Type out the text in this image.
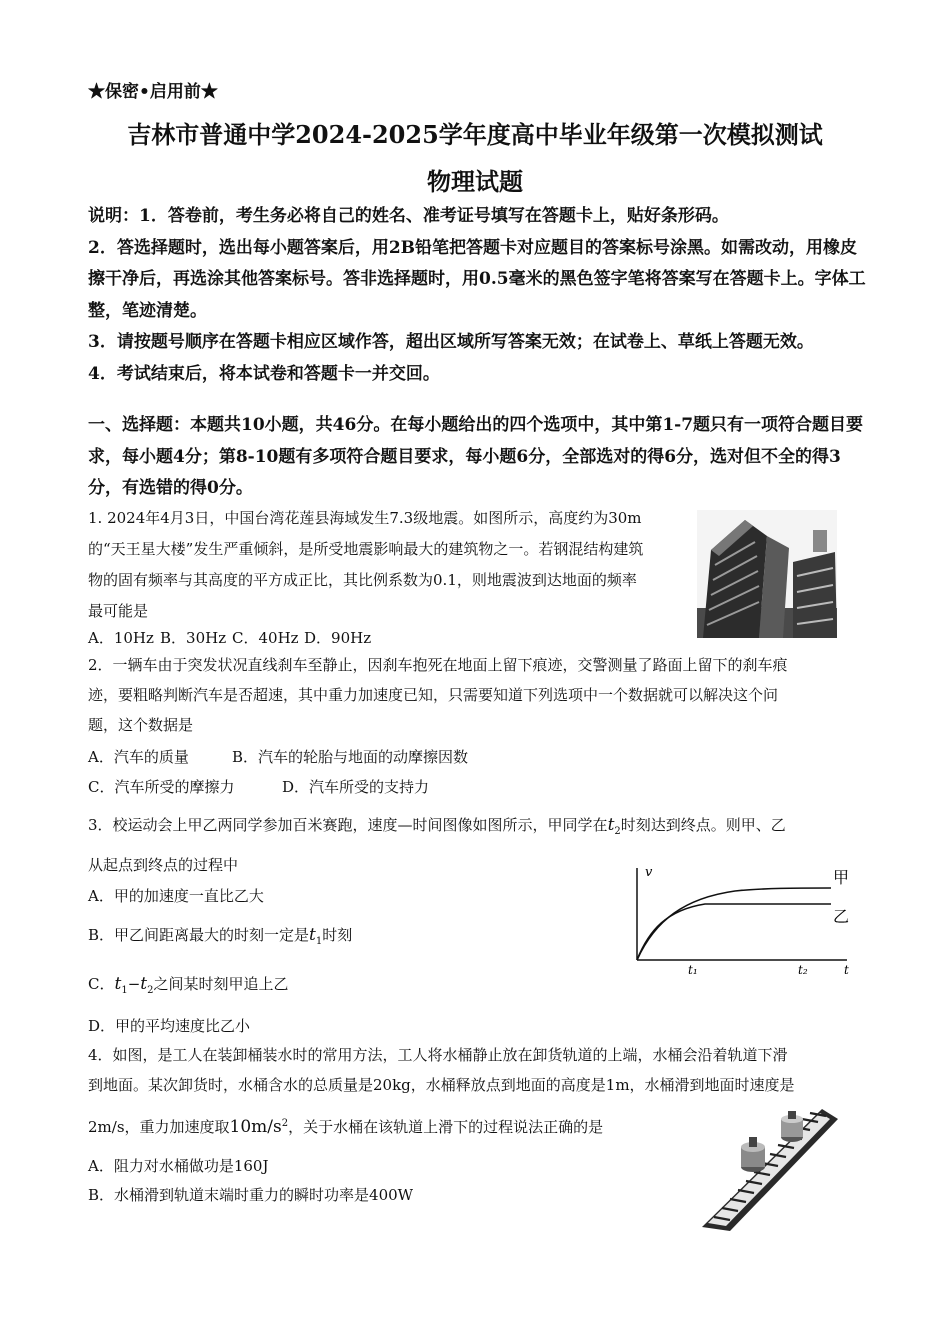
★保密•启用前★
吉林市普通中学2024-2025学年度高中毕业年级第一次模拟测试
物理试题
说明：1．答卷前，考生务必将自己的姓名、准考证号填写在答题卡上，贴好条形码。
2．答选择题时，选出每小题答案后，用2B铅笔把答题卡对应题目的答案标号涂黑。如需改动，用橡皮擦干净后，再选涂其他答案标号。答非选择题时，用0.5毫米的黑色签字笔将答案写在答题卡上。字体工整，笔迹清楚。
3．请按题号顺序在答题卡相应区域作答，超出区域所写答案无效；在试卷上、草纸上答题无效。
4．考试结束后，将本试卷和答题卡一并交回。
一、选择题：本题共10小题，共46分。在每小题给出的四个选项中，其中第1-7题只有一项符合题目要求，每小题4分；第8-10题有多项符合题目要求，每小题6分，全部选对的得6分，选对但不全的得3分，有选错的得0分。
1. 2024年4月3日，中国台湾花莲县海域发生7.3级地震。如图所示，高度约为30m
的“天王星大楼”发生严重倾斜，是所受地震影响最大的建筑物之一。若钢混结构建筑
物的固有频率与其高度的平方成正比，其比例系数为0.1，则地震波到达地面的频率
最可能是
A．10Hz B．30Hz C．40Hz D．90Hz
2．一辆车由于突发状况直线刹车至静止，因刹车抱死在地面上留下痕迹，交警测量了路面上留下的刹车痕
迹，要粗略判断汽车是否超速，其中重力加速度已知，只需要知道下列选项中一个数据就可以解决这个问
题，这个数据是
A．汽车的质量	B．汽车的轮胎与地面的动摩擦因数
C．汽车所受的摩擦力	D．汽车所受的支持力
3．校运动会上甲乙两同学参加百米赛跑，速度—时间图像如图所示，甲同学在$t_2$时刻达到终点。则甲、乙
从起点到终点的过程中
A．甲的加速度一直比乙大
B．甲乙间距离最大的时刻一定是$t_1$时刻
C．$t_1-t_2$之间某时刻甲追上乙
D．甲的平均速度比乙小
v	甲
乙
t₁	t₂	t
4．如图，是工人在装卸桶装水时的常用方法，工人将水桶静止放在卸货轨道的上端，水桶会沿着轨道下滑
到地面。某次卸货时，水桶含水的总质量是20kg，水桶释放点到地面的高度是1m，水桶滑到地面时速度是
2m/s，重力加速度取$10m/s^2$，关于水桶在该轨道上滑下的过程说法正确的是
A．阻力对水桶做功是160J
B．水桶滑到轨道末端时重力的瞬时功率是400W
